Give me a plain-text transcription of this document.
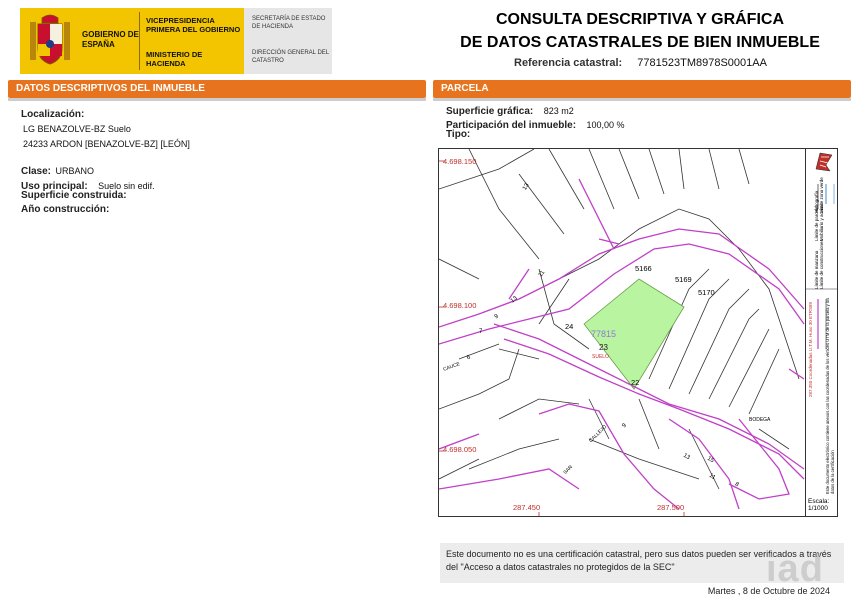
GOBIERNO DE ESPAÑA
VICEPRESIDENCIA PRIMERA DEL GOBIERNO
MINISTERIO DE HACIENDA
SECRETARÍA DE ESTADO DE HACIENDA
DIRECCIÓN GENERAL DEL CATASTRO
CONSULTA DESCRIPTIVA Y GRÁFICA
DE DATOS CATASTRALES DE BIEN INMUEBLE
Referencia catastral: 7781523TM8978S0001AA
DATOS DESCRIPTIVOS DEL INMUEBLE	PARCELA
Localización:
LG BENAZOLVE-BZ Suelo
24233 ARDON [BENAZOLVE-BZ] [LEÓN]
Clase: URBANO
Uso principal: Suelo sin edif.
Superficie construida:
Año construcción:
Superficie gráfica: 823 m2
Participación del inmueble: 100,00 %
Tipo:
4.698.150
4.698.100
4.698.050
287.450	287.500
77815
23
SUELO
24
22
5166
5169
5170
BODEGA
13
11
13
9
7
6
13	15
11
8
9
CAUCE
CALLEJO
SAN
287.350 Coordenadas U.T.M. Huso 30 ETRS89
Límite de manzana Límite de construcciones
Límite de parcela Mobiliario y aceras
Hidrografía Límite zona verde
Este documento electrónico contiene anexos con las coordenadas de los vértices UTM de la parcela y los datos de la certificación
Escala:
1/1000
Este documento no es una certificación catastral, pero sus datos pueden ser verificados a través del "Acceso a datos catastrales no protegidos de la SEC"	iad
Martes , 8 de Octubre de 2024
